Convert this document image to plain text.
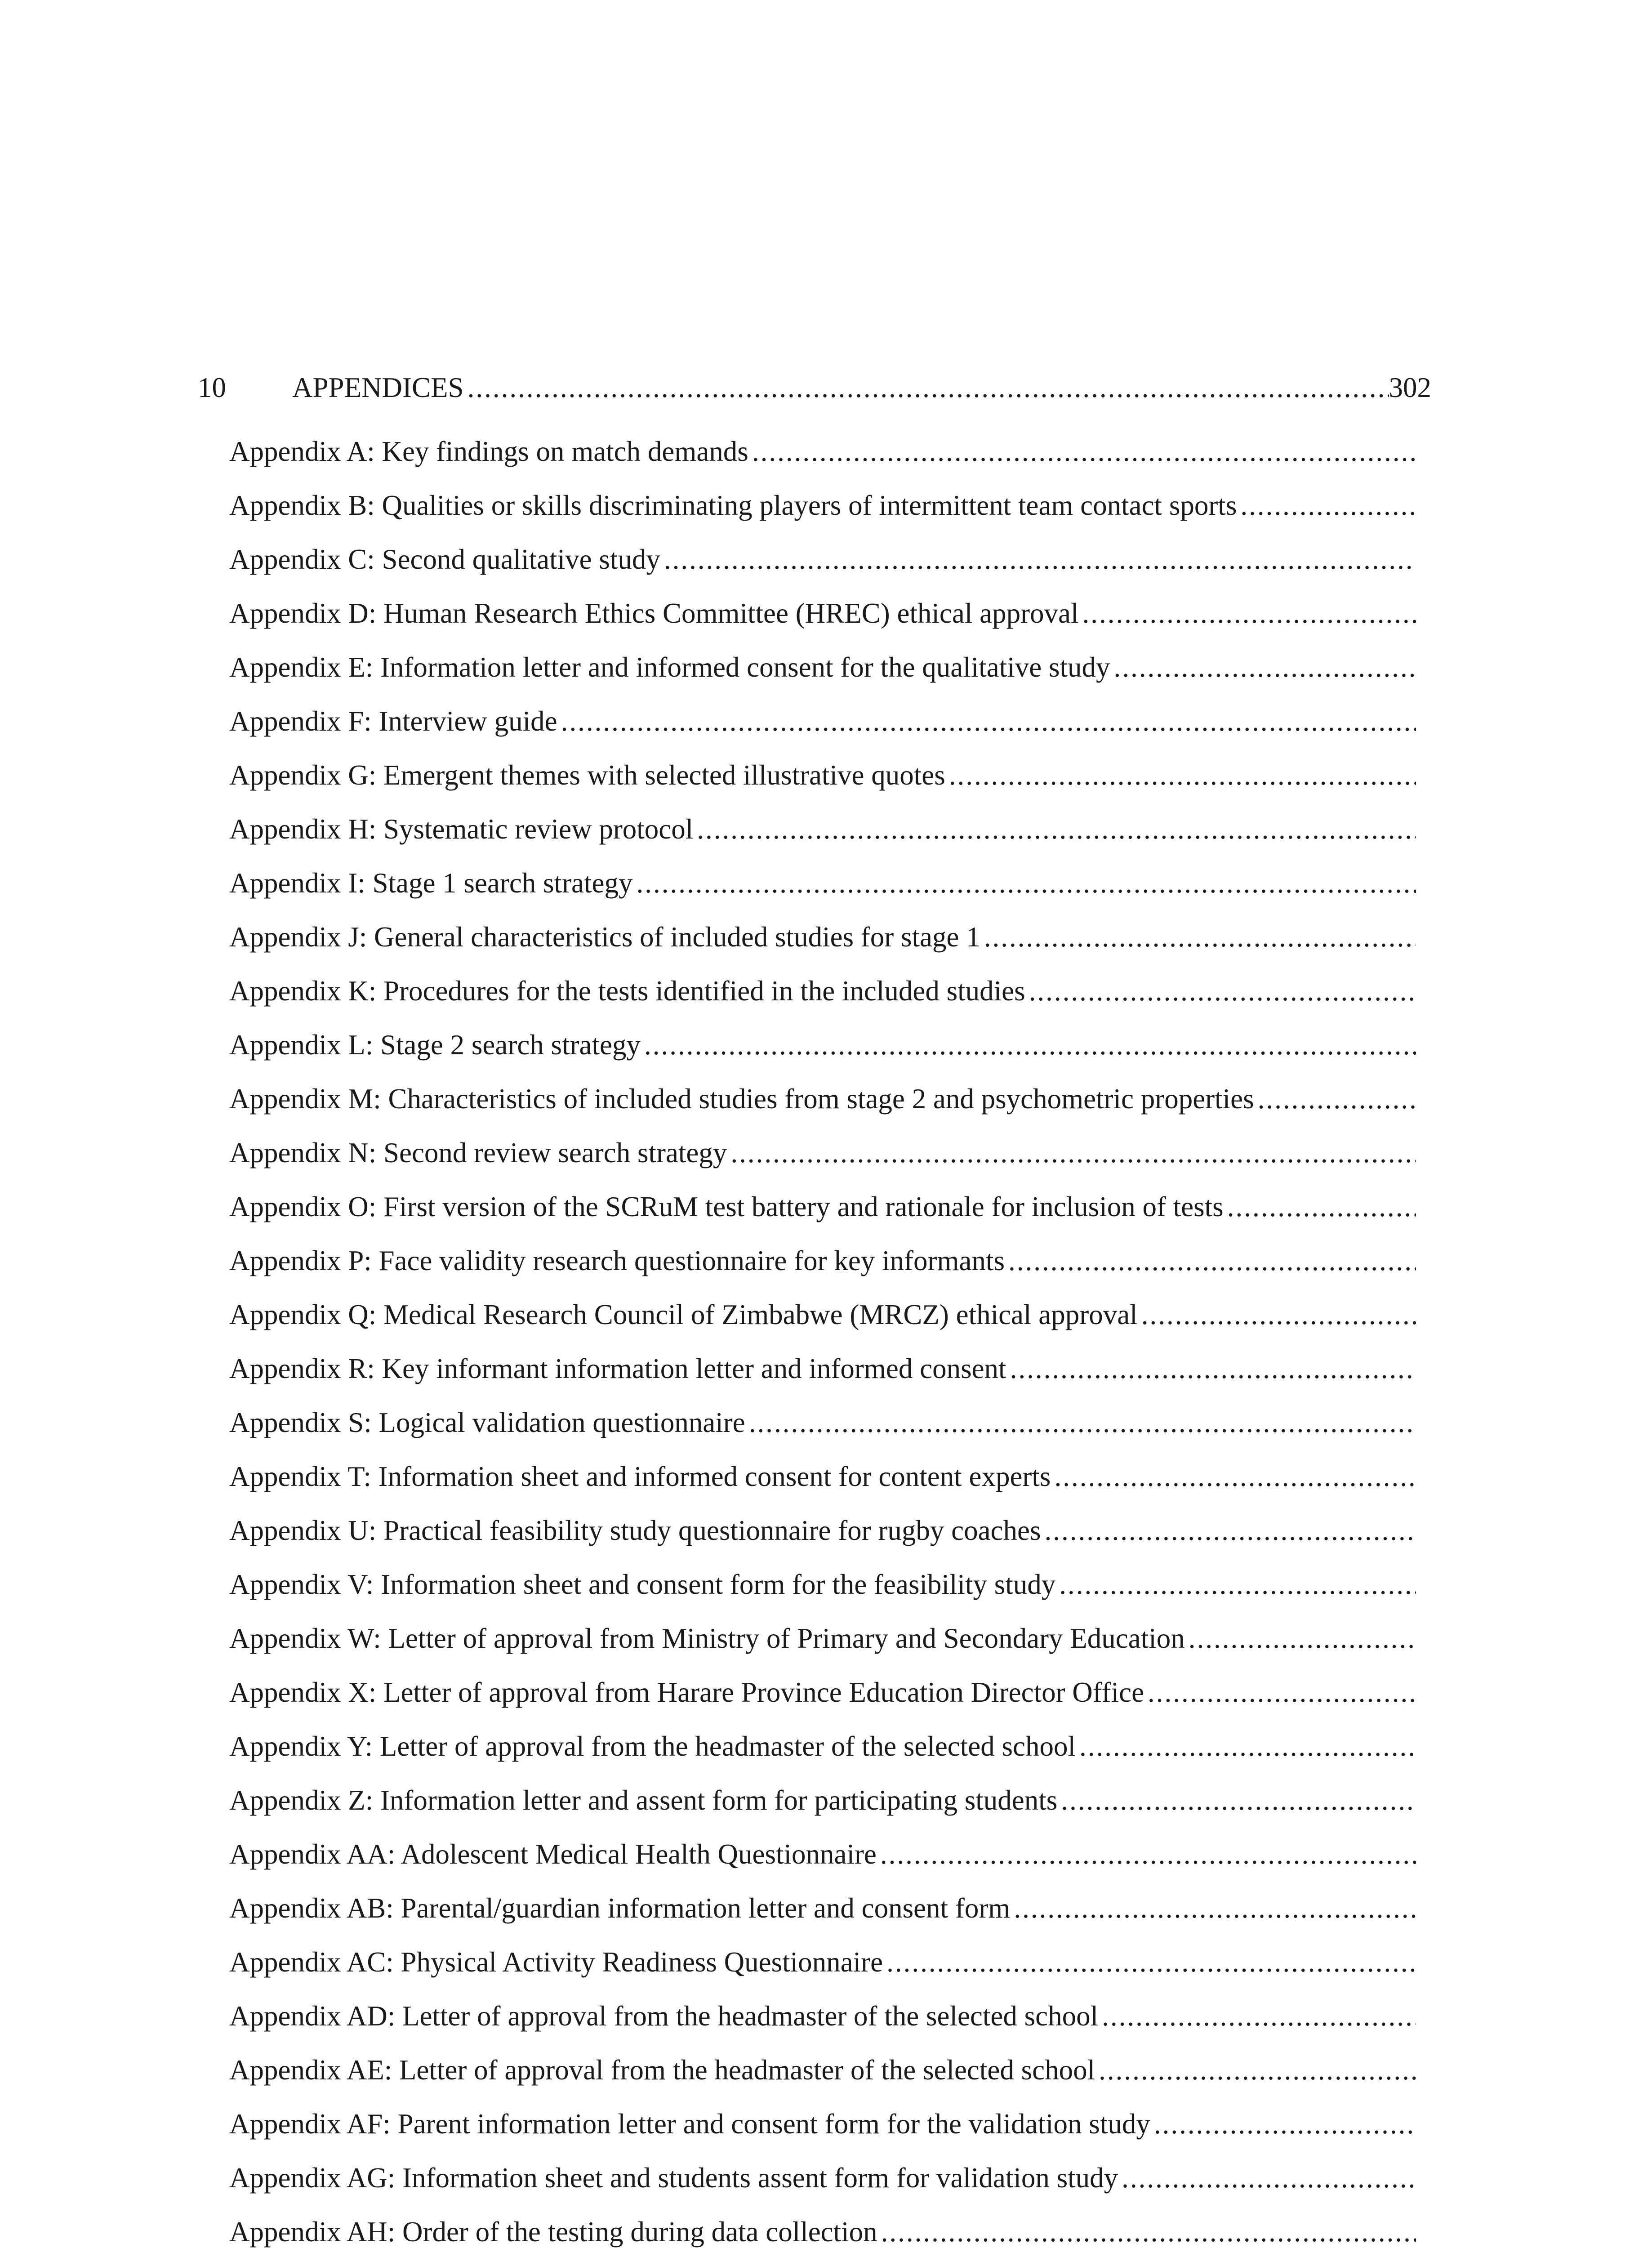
10	APPENDICES
.....	302
Appendix A: Key findings on match demands
.....
Appendix B: Qualities or skills discriminating players of intermittent team contact sports
.....
Appendix C: Second qualitative study
.....
Appendix D: Human Research Ethics Committee (HREC) ethical approval
.....
Appendix E: Information letter and informed consent for the qualitative study
.....
Appendix F: Interview guide
.....
Appendix G: Emergent themes with selected illustrative quotes
.....
Appendix H: Systematic review protocol
.....
Appendix I: Stage 1 search strategy
.....
Appendix J: General characteristics of included studies for stage 1
.....
Appendix K: Procedures for the tests identified in the included studies
.....
Appendix L: Stage 2 search strategy
.....
Appendix M: Characteristics of included studies from stage 2 and psychometric properties
.....
Appendix N: Second review search strategy
.....
Appendix O: First version of the SCRuM test battery and rationale for inclusion of tests
.....
Appendix P: Face validity research questionnaire for key informants
.....
Appendix Q: Medical Research Council of Zimbabwe (MRCZ) ethical approval
.....
Appendix R: Key informant information letter and informed consent
.....
Appendix S: Logical validation questionnaire
.....
Appendix T: Information sheet and informed consent for content experts
.....
Appendix U: Practical feasibility study questionnaire for rugby coaches
.....
Appendix V: Information sheet and consent form for the feasibility study
.....
Appendix W: Letter of approval from Ministry of Primary and Secondary Education
.....
Appendix X: Letter of approval from Harare Province Education Director Office
.....
Appendix Y: Letter of approval from the headmaster of the selected school
.....
Appendix Z: Information letter and assent form for participating students
.....
Appendix AA: Adolescent Medical Health Questionnaire
.....
Appendix AB: Parental/guardian information letter and consent form
.....
Appendix AC: Physical Activity Readiness Questionnaire
.....
Appendix AD: Letter of approval from the headmaster of the selected school
.....
Appendix AE: Letter of approval from the headmaster of the selected school
.....
Appendix AF: Parent information letter and consent form for the validation study
.....
Appendix AG: Information sheet and students assent form for validation study
.....
Appendix AH: Order of the testing during data collection
.....
